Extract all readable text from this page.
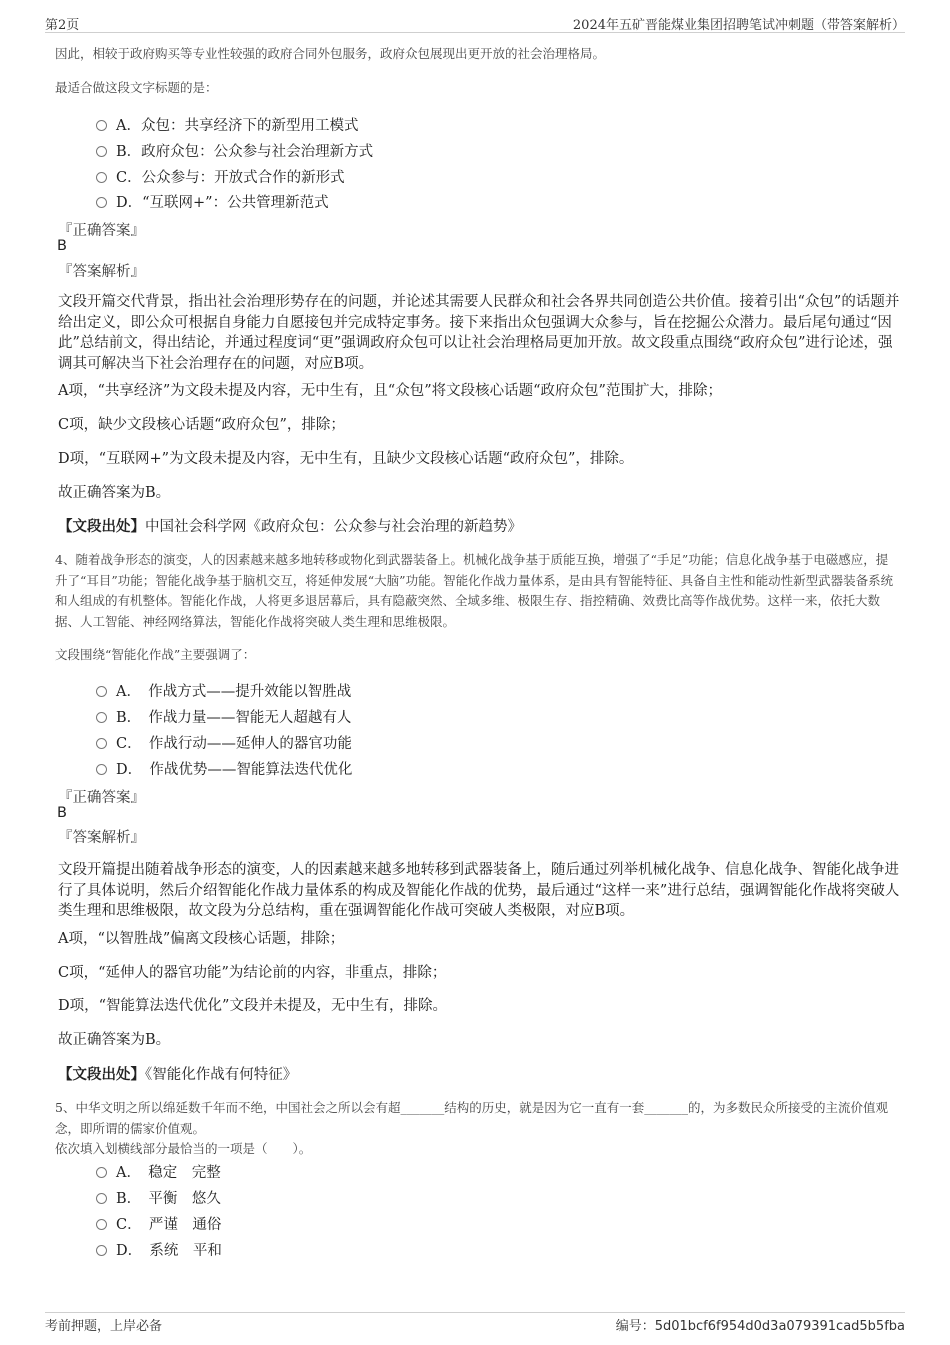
第2页	2024年五矿晋能煤业集团招聘笔试冲刺题（带答案解析）
因此，相较于政府购买等专业性较强的政府合同外包服务，政府众包展现出更开放的社会治理格局。
最适合做这段文字标题的是：
A．众包：共享经济下的新型用工模式
B．政府众包：公众参与社会治理新方式
C．公众参与：开放式合作的新形式
D．“互联网+”：公共管理新范式
『正确答案』
B
『答案解析』
文段开篇交代背景，指出社会治理形势存在的问题，并论述其需要人民群众和社会各界共同创造公共价值。接着引出“众包”的话题并给出定义，即公众可根据自身能力自愿接包并完成特定事务。接下来指出众包强调大众参与，旨在挖掘公众潜力。最后尾句通过“因此”总结前文，得出结论，并通过程度词“更”强调政府众包可以让社会治理格局更加开放。故文段重点围绕“政府众包”进行论述，强调其可解决当下社会治理存在的问题，对应B项。
A项，“共享经济”为文段未提及内容，无中生有，且“众包”将文段核心话题“政府众包”范围扩大，排除；
C项，缺少文段核心话题“政府众包”，排除；
D项，“互联网+”为文段未提及内容，无中生有，且缺少文段核心话题“政府众包”，排除。
故正确答案为B。
【文段出处】中国社会科学网《政府众包：公众参与社会治理的新趋势》
4、随着战争形态的演变，人的因素越来越多地转移或物化到武器装备上。机械化战争基于质能互换，增强了“手足”功能；信息化战争基于电磁感应，提升了“耳目”功能；智能化战争基于脑机交互，将延伸发展“大脑”功能。智能化作战力量体系，是由具有智能特征、具备自主性和能动性新型武器装备系统和人组成的有机整体。智能化作战，人将更多退居幕后，具有隐蔽突然、全域多维、极限生存、指控精确、效费比高等作战优势。这样一来，依托大数据、人工智能、神经网络算法，智能化作战将突破人类生理和思维极限。
文段围绕“智能化作战”主要强调了：
A．　作战方式——提升效能以智胜战
B．　作战力量——智能无人超越有人
C．　作战行动——延伸人的器官功能
D．　作战优势——智能算法迭代优化
『正确答案』
B
『答案解析』
文段开篇提出随着战争形态的演变，人的因素越来越多地转移到武器装备上，随后通过列举机械化战争、信息化战争、智能化战争进行了具体说明，然后介绍智能化作战力量体系的构成及智能化作战的优势，最后通过“这样一来”进行总结，强调智能化作战将突破人类生理和思维极限，故文段为分总结构，重在强调智能化作战可突破人类极限，对应B项。
A项，“以智胜战”偏离文段核心话题，排除；
C项，“延伸人的器官功能”为结论前的内容，非重点，排除；
D项，“智能算法迭代优化”文段并未提及，无中生有，排除。
故正确答案为B。
【文段出处】《智能化作战有何特征》
5、中华文明之所以绵延数千年而不绝，中国社会之所以会有超_______结构的历史，就是因为它一直有一套_______的，为多数民众所接受的主流价值观念，即所谓的儒家价值观。
依次填入划横线部分最恰当的一项是（　　）。
A．　稳定　完整
B．　平衡　悠久
C．　严谨　通俗
D．　系统　平和
考前押题，上岸必备	编号：5d01bcf6f954d0d3a079391cad5b5fba
